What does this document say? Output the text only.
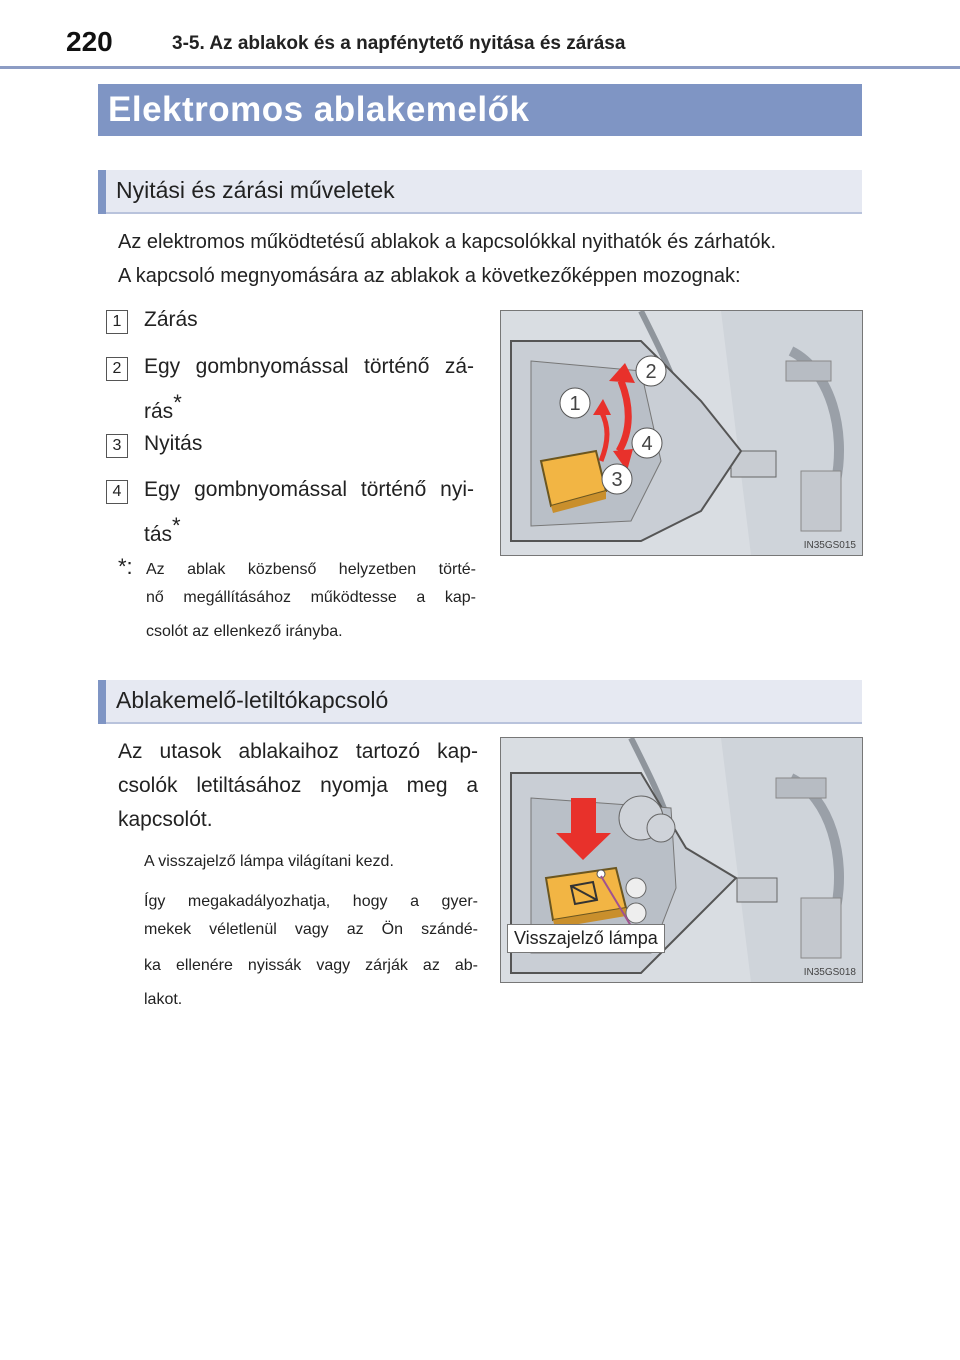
220	3-5. Az ablakok és a napfénytető nyitása és zárása
Elektromos ablakemelők
Nyitási és zárási műveletek
Az elektromos működtetésű ablakok a kapcsolókkal nyithatók és zárhatók.
A kapcsoló megnyomására az ablakok a következőképpen mozognak:
1	Zárás
2	Egy gombnyomással történő zá-
rás*
3	Nyitás
4	Egy gombnyomással történő nyi-
tás*
*: Az ablak közbenső helyzetben törté-
nő megállításához működtesse a kap-
csolót az ellenkező irányba.
1
2
3
4
IN35GS015
Ablakemelő-letiltókapcsoló
Az utasok ablakaihoz tartozó kap-
csolók letiltásához nyomja meg a
kapcsolót.
A visszajelző lámpa világítani kezd.
Így megakadályozhatja, hogy a gyer-
mekek véletlenül vagy az Ön szándé-
ka ellenére nyissák vagy zárják az ab-
lakot.
Visszajelző lámpa
IN35GS018
